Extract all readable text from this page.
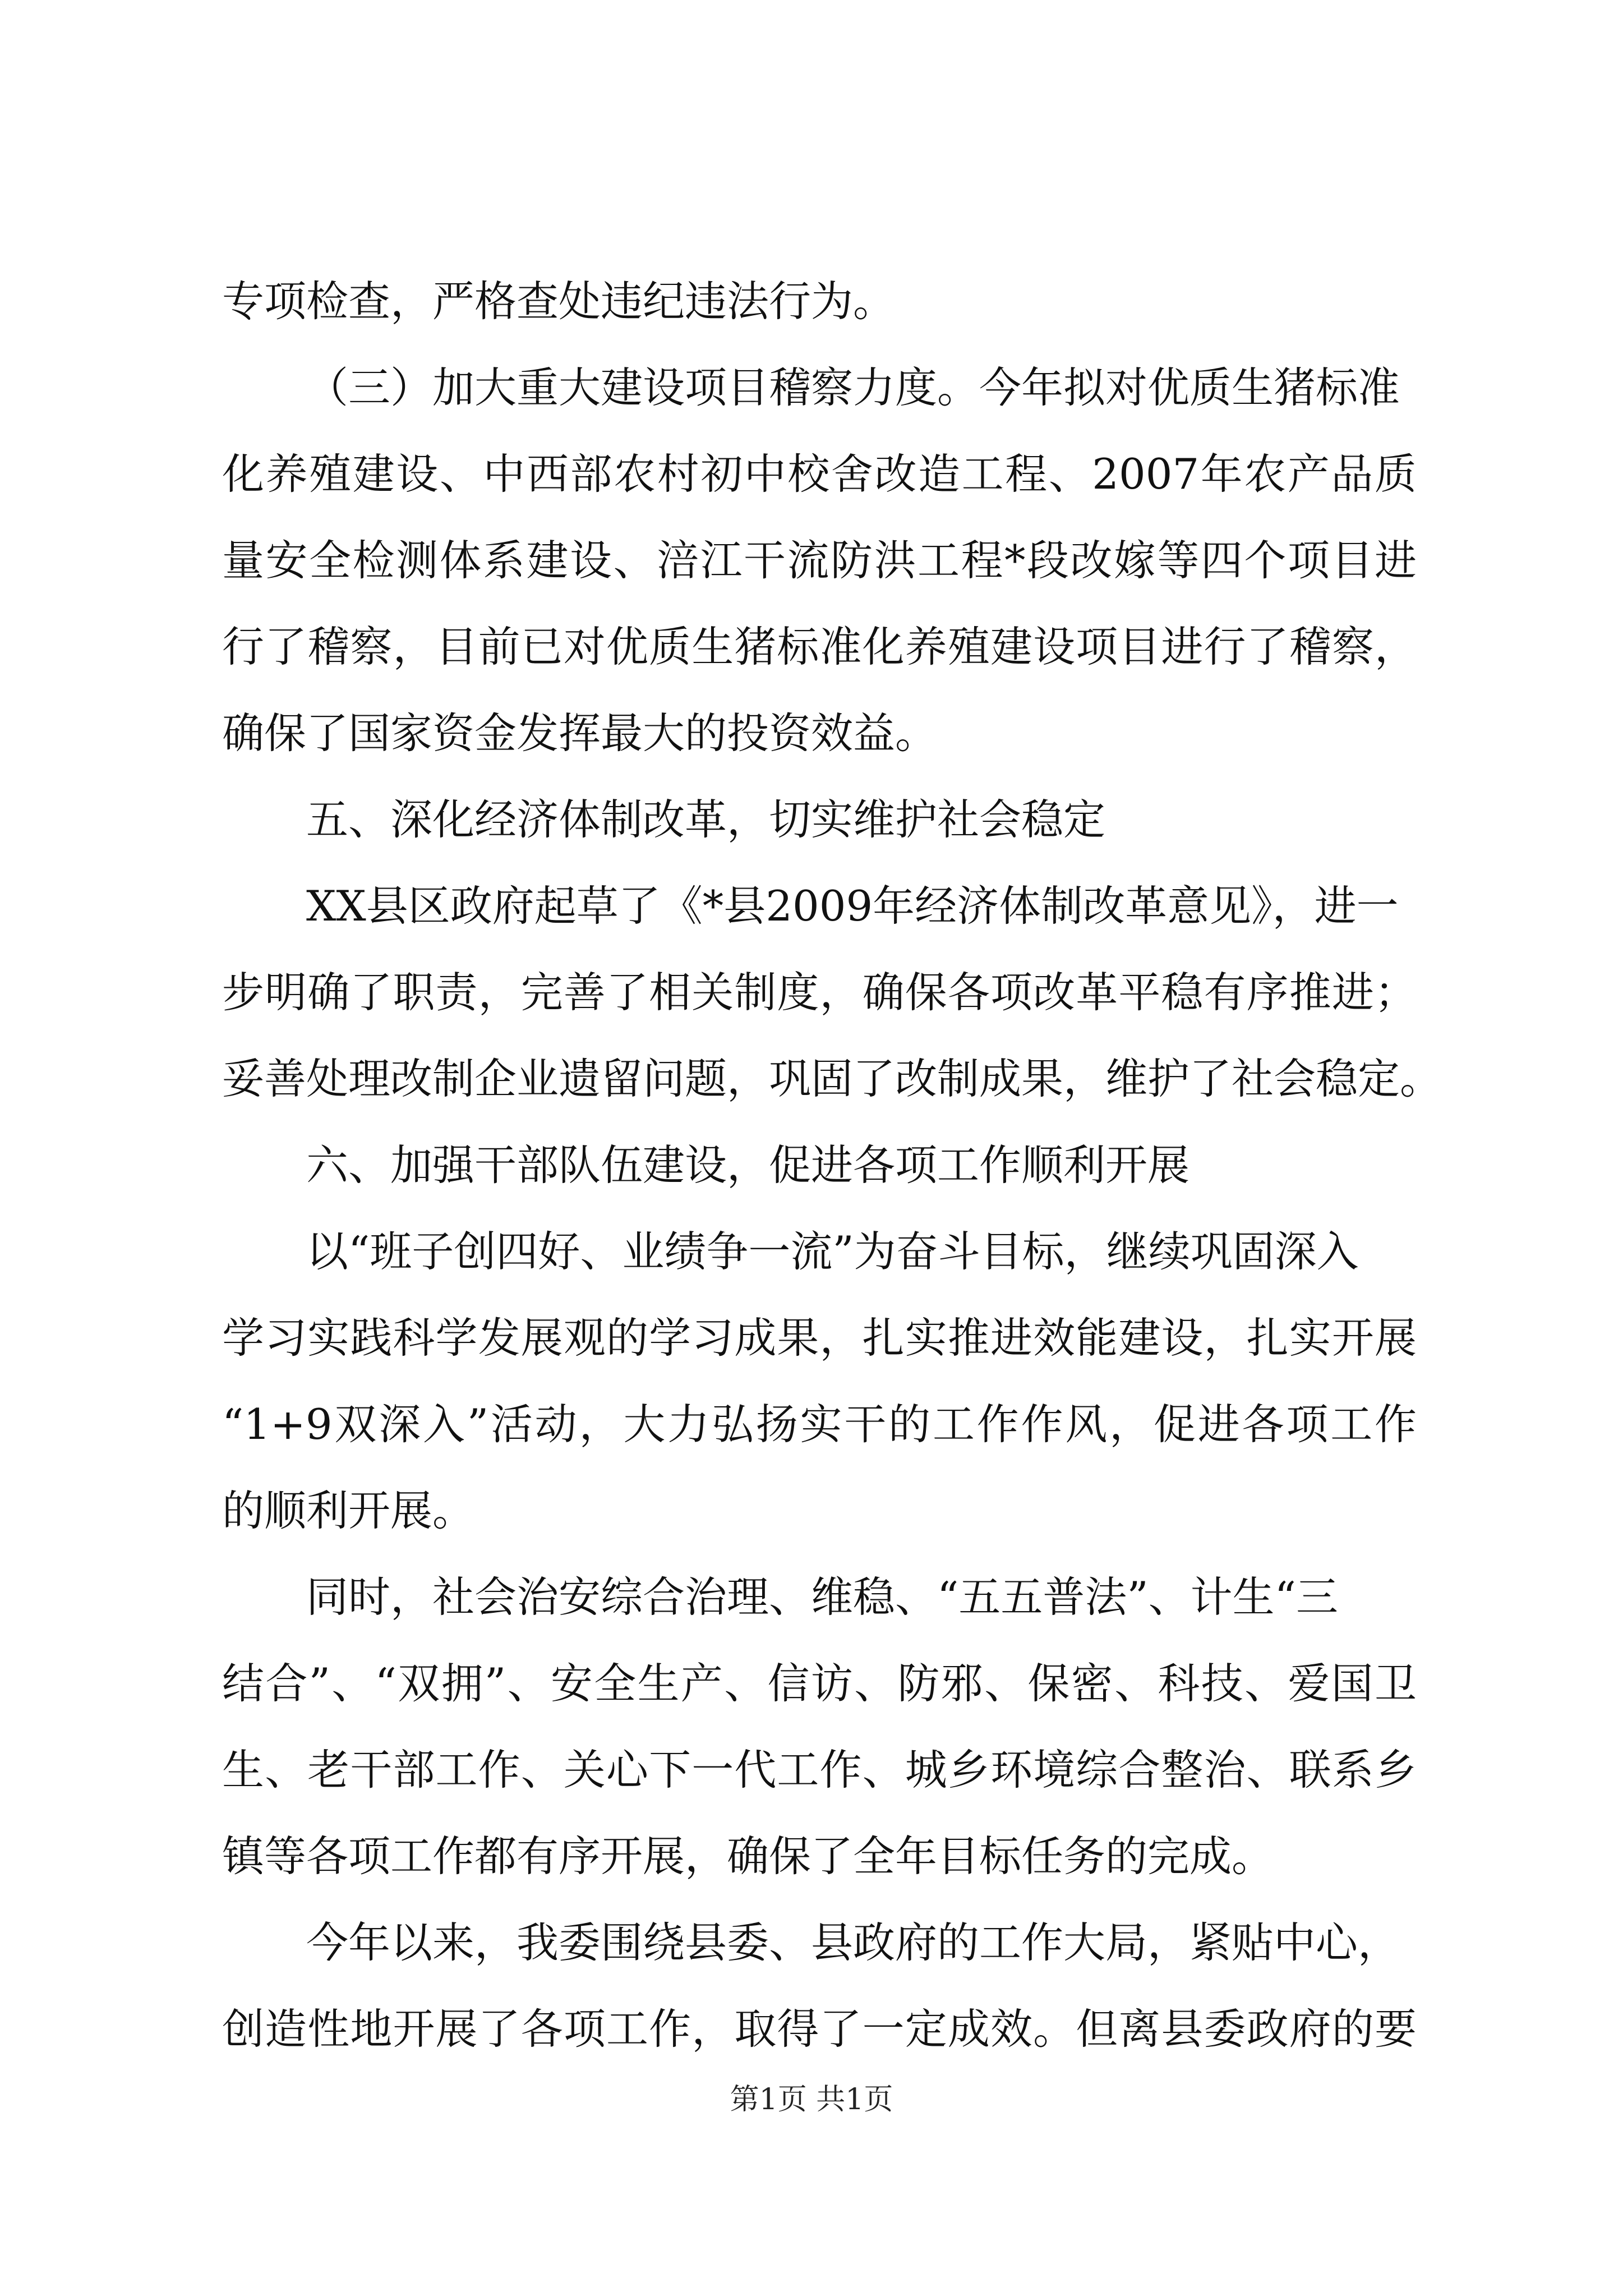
专项检查，严格查处违纪违法行为。
（三）加大重大建设项目稽察力度。今年拟对优质生猪标准
化养殖建设、中西部农村初中校舍改造工程、2007年农产品质
量安全检测体系建设、涪江干流防洪工程*段改嫁等四个项目进
行了稽察，目前已对优质生猪标准化养殖建设项目进行了稽察，
确保了国家资金发挥最大的投资效益。
五、深化经济体制改革，切实维护社会稳定
XX县区政府起草了《*县2009年经济体制改革意见》，进一
步明确了职责，完善了相关制度，确保各项改革平稳有序推进；
妥善处理改制企业遗留问题，巩固了改制成果，维护了社会稳定。
六、加强干部队伍建设，促进各项工作顺利开展
以“班子创四好、业绩争一流”为奋斗目标，继续巩固深入
学习实践科学发展观的学习成果，扎实推进效能建设，扎实开展
“1+9双深入”活动，大力弘扬实干的工作作风，促进各项工作
的顺利开展。
同时，社会治安综合治理、维稳、“五五普法”、计生“三
结合”、“双拥”、安全生产、信访、防邪、保密、科技、爱国卫
生、老干部工作、关心下一代工作、城乡环境综合整治、联系乡
镇等各项工作都有序开展，确保了全年目标任务的完成。
今年以来，我委围绕县委、县政府的工作大局，紧贴中心，
创造性地开展了各项工作，取得了一定成效。但离县委政府的要
第1页 共1页
